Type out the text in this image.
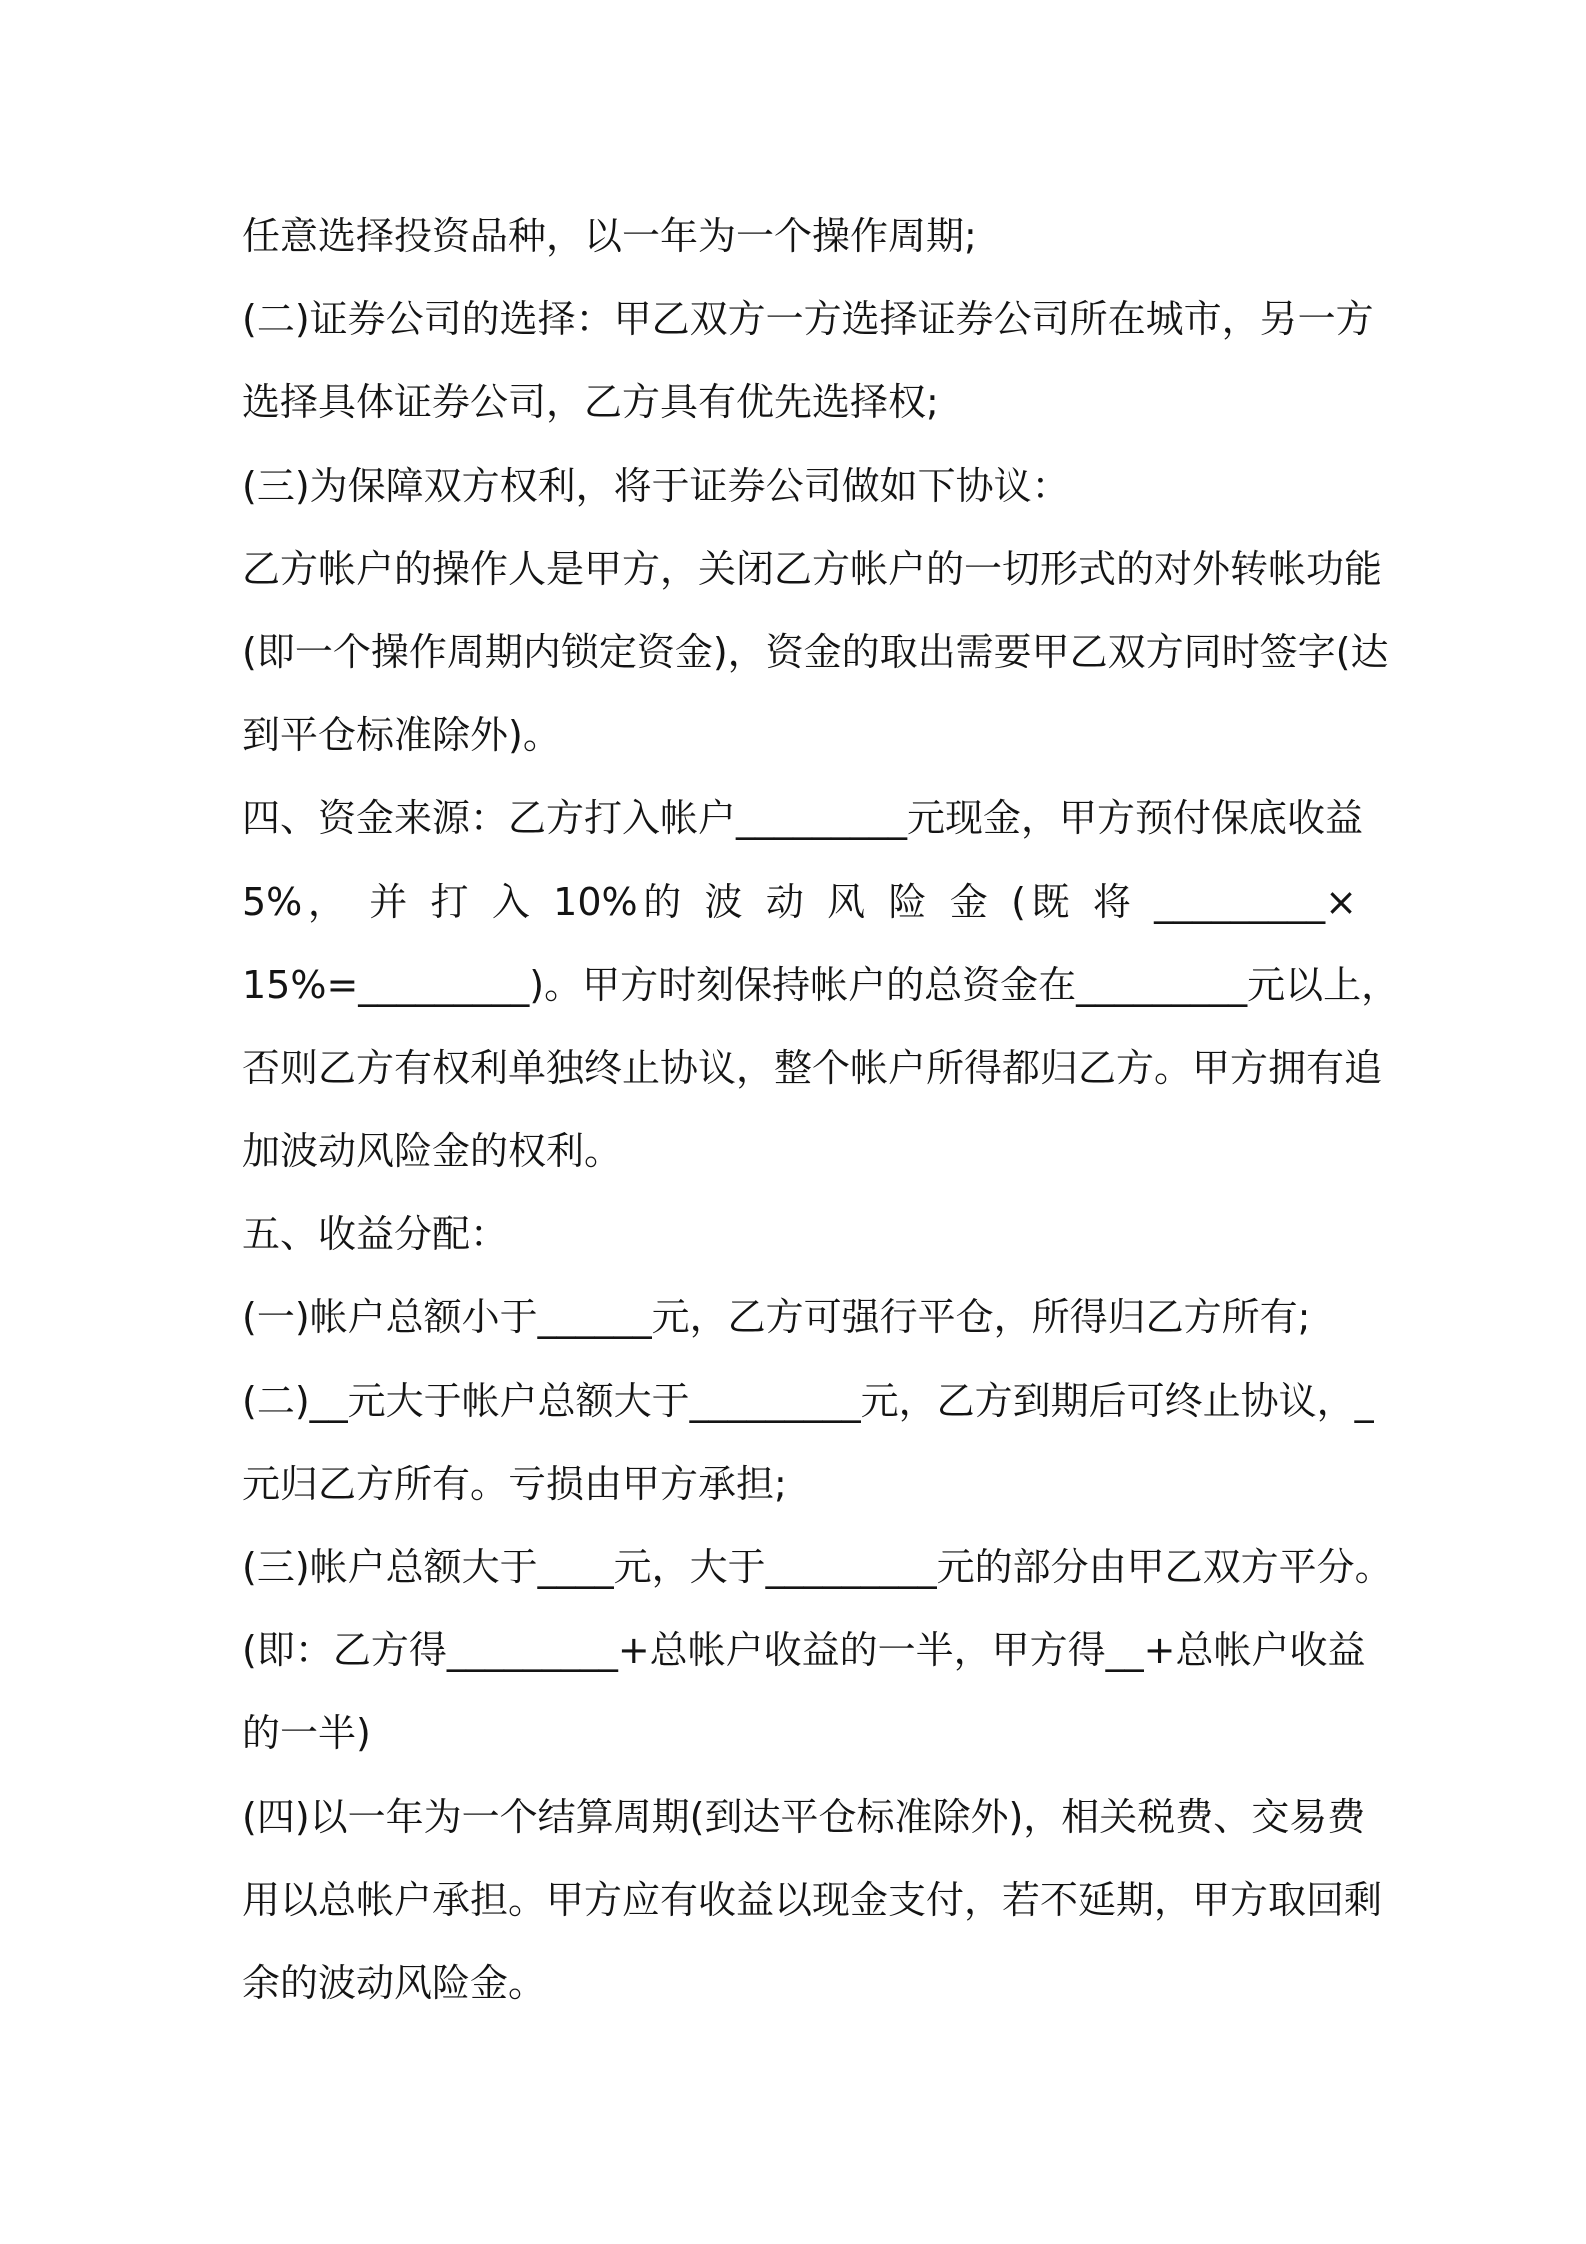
任意选择投资品种，以一年为一个操作周期;
(二)证券公司的选择：甲乙双方一方选择证券公司所在城市，另一方
选择具体证券公司，乙方具有优先选择权;
(三)为保障双方权利，将于证券公司做如下协议：
乙方帐户的操作人是甲方，关闭乙方帐户的一切形式的对外转帐功能
(即一个操作周期内锁定资金)，资金的取出需要甲乙双方同时签字(达
到平仓标准除外)。
四、资金来源：乙方打入帐户_________元现金，甲方预付保底收益
5%， 并 打 入 10%的 波 动 风 险 金 (既 将 _________×
15%=_________)。甲方时刻保持帐户的总资金在_________元以上，
否则乙方有权利单独终止协议，整个帐户所得都归乙方。甲方拥有追
加波动风险金的权利。
五、收益分配：
(一)帐户总额小于______元，乙方可强行平仓，所得归乙方所有;
(二)__元大于帐户总额大于_________元，乙方到期后可终止协议，_
元归乙方所有。亏损由甲方承担;
(三)帐户总额大于____元，大于_________元的部分由甲乙双方平分。
(即：乙方得_________+总帐户收益的一半，甲方得__+总帐户收益
的一半)
(四)以一年为一个结算周期(到达平仓标准除外)，相关税费、交易费
用以总帐户承担。甲方应有收益以现金支付，若不延期，甲方取回剩
余的波动风险金。
